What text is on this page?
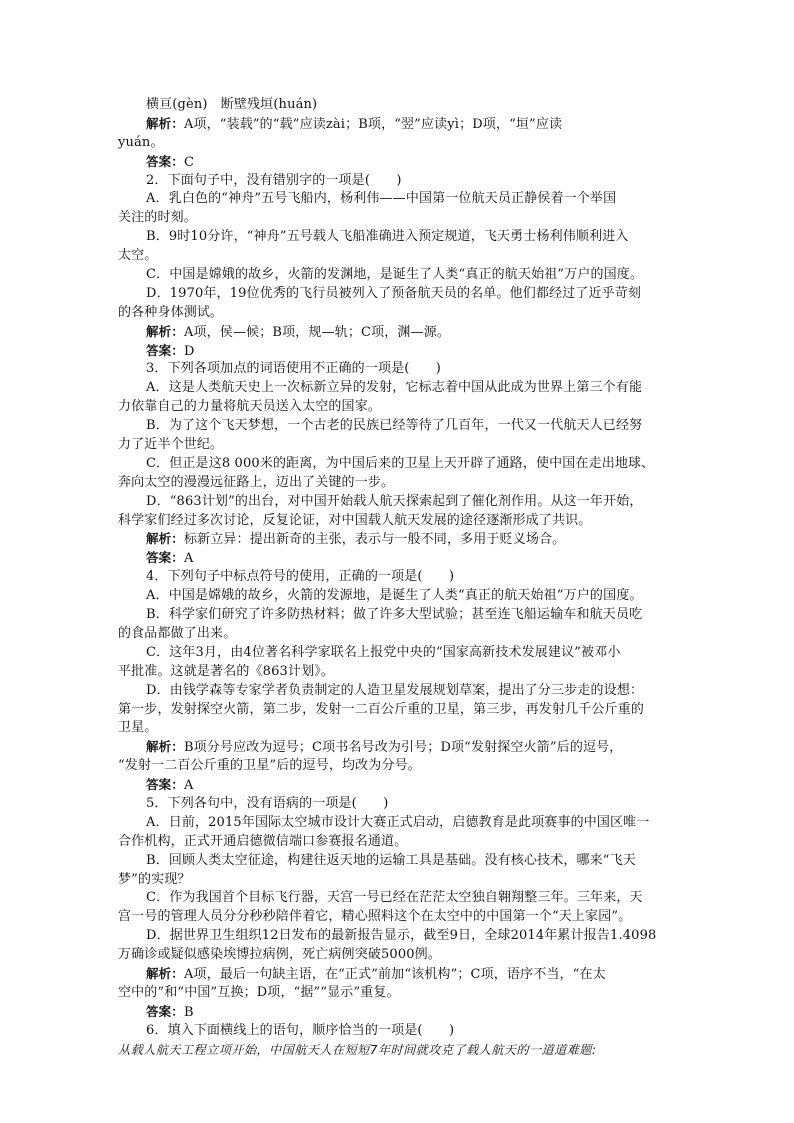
横亘(gèn)　断壁残垣(huán)
解析：A项，“装载”的“载”应读zài；B项，“翌”应读yì；D项，“垣”应读
yuán。
答案：C
2．下面句子中，没有错别字的一项是(　　)
A．乳白色的“神舟”五号飞船内，杨利伟——中国第一位航天员正静侯着一个举国
关注的时刻。
B．9时10分许，“神舟”五号载人飞船准确进入预定规道，飞天勇士杨利伟顺利进入
太空。
C．中国是嫦娥的故乡，火箭的发渊地，是诞生了人类“真正的航天始祖”万户的国度。
D．1970年，19位优秀的飞行员被列入了预备航天员的名单。他们都经过了近乎苛刻
的各种身体测试。
解析：A项，侯—候；B项，规—轨；C项，渊—源。
答案：D
3．下列各项加点的词语使用不正确的一项是(　　)
A．这是人类航天史上一次标新立异的发射，它标志着中国从此成为世界上第三个有能
力依靠自己的力量将航天员送入太空的国家。
B．为了这个飞天梦想，一个古老的民族已经等待了几百年，一代又一代航天人已经努
力了近半个世纪。
C．但正是这8 000米的距离，为中国后来的卫星上天开辟了通路，使中国在走出地球、
奔向太空的漫漫远征路上，迈出了关键的一步。
D．“863计划”的出台，对中国开始载人航天探索起到了催化剂作用。从这一年开始，
科学家们经过多次讨论，反复论证，对中国载人航天发展的途径逐渐形成了共识。
解析：标新立异：提出新奇的主张，表示与一般不同，多用于贬义场合。
答案：A
4．下列句子中标点符号的使用，正确的一项是(　　)
A．中国是嫦娥的故乡，火箭的发源地，是诞生了人类“真正的航天始祖”万户的国度。
B．科学家们研究了许多防热材料；做了许多大型试验；甚至连飞船运输车和航天员吃
的食品都做了出来。
C．这年3月，由4位著名科学家联名上报党中央的“国家高新技术发展建议”被邓小
平批准。这就是著名的《863计划》。
D．由钱学森等专家学者负责制定的人造卫星发展规划草案，提出了分三步走的设想：
第一步，发射探空火箭，第二步，发射一二百公斤重的卫星，第三步，再发射几千公斤重的
卫星。
解析：B项分号应改为逗号；C项书名号改为引号；D项“发射探空火箭”后的逗号，
“发射一二百公斤重的卫星”后的逗号，均改为分号。
答案：A
5．下列各句中，没有语病的一项是(　　)
A．日前，2015年国际太空城市设计大赛正式启动，启德教育是此项赛事的中国区唯一
合作机构，正式开通启德微信端口参赛报名通道。
B．回顾人类太空征途，构建往返天地的运输工具是基础。没有核心技术，哪来“飞天
梦”的实现？
C．作为我国首个目标飞行器，天宫一号已经在茫茫太空独自翱翔整三年。三年来，天
宫一号的管理人员分分秒秒陪伴着它，精心照料这个在太空中的中国第一个“天上家园”。
D．据世界卫生组织12日发布的最新报告显示，截至9日，全球2014年累计报告1.4098
万确诊或疑似感染埃博拉病例，死亡病例突破5000例。
解析：A项，最后一句缺主语，在“正式”前加“该机构”；C项，语序不当，“在太
空中的”和“中国”互换；D项，“据”“显示”重复。
答案：B
6．填入下面横线上的语句，顺序恰当的一项是(　　)
从载人航天工程立项开始，中国航天人在短短7年时间就攻克了载人航天的一道道难题:
